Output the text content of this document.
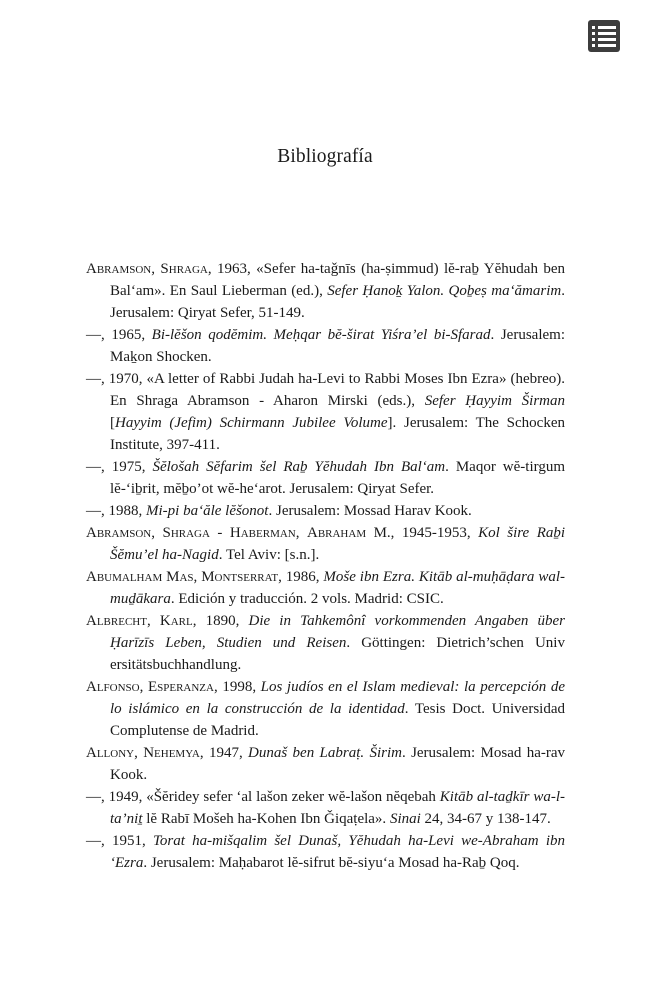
Bibliografía

Abramson, Shraga, 1963, «Sefer ha-taǧnīs (ha-ṣimmud) lĕ-raḇ Yĕhudah ben Bal‘am». En Saul Lieberman (ed.), Sefer Ḥanoḵ Yalon. Qoḇeṣ ma‘ămarim. Jerusalem: Qiryat Sefer, 51-149.

—, 1965, Bi-lĕšon qodĕmim. Meḥqar bĕ-širat Yiśra’el bi-Sfarad. Jerusalem: Maḵon Shocken.

—, 1970, «A letter of Rabbi Judah ha-Levi to Rabbi Moses Ibn Ezra» (hebreo). En Shraga Abramson - Aharon Mirski (eds.), Sefer Ḥayyim Širman [Hayyim (Jefim) Schirmann Jubilee Volume]. Jerusalem: The Schocken Institute, 397-411.

—, 1975, Šĕlošah Sĕfarim šel Raḇ Yĕhudah Ibn Bal‘am. Maqor wĕ-tirgum lĕ-‘iḇrit, mĕḇo’ot wĕ-he‘arot. Jerusalem: Qiryat Sefer.

—, 1988, Mi-pi ba‘ăle lĕšonot. Jerusalem: Mossad Harav Kook.

Abramson, Shraga - Haberman, Abraham M., 1945-1953, Kol šire Raḇi Šĕmu’el ha-Nagid. Tel Aviv: [s.n.].

Abumalham Mas, Montserrat, 1986, Moše ibn Ezra. Kitāb al-muḥāḍara wal-muḏākara. Edición y traducción. 2 vols. Madrid: CSIC.

Albrecht, Karl, 1890, Die in Tahkemônî vorkommenden Angaben über Ḥarīzīs Leben, Studien und Reisen. Göttingen: Dietrich’schen Univ ersitätsbuchhandlung.

Alfonso, Esperanza, 1998, Los judíos en el Islam medieval: la percepción de lo islámico en la construcción de la identidad. Tesis Doct. Universidad Complutense de Madrid.

Allony, Nehemya, 1947, Dunaš ben Labraṭ. Širim. Jerusalem: Mosad ha-rav Kook.

—, 1949, «Šĕridey sefer ‘al lašon zeker wĕ-lašon nĕqebah Kitāb al-taḏkīr wa-l-ta’niṯ lĕ Rabī Mošeh ha-Kohen Ibn Ǧiqaṭela». Sinai 24, 34-67 y 138-147.

—, 1951, Torat ha-mišqalim šel Dunaš, Yĕhudah ha-Levi we-Abraham ibn ‘Ezra. Jerusalem: Maḥabarot lĕ-sifrut bĕ-siyu‘a Mosad ha-Raḇ Qoq.
